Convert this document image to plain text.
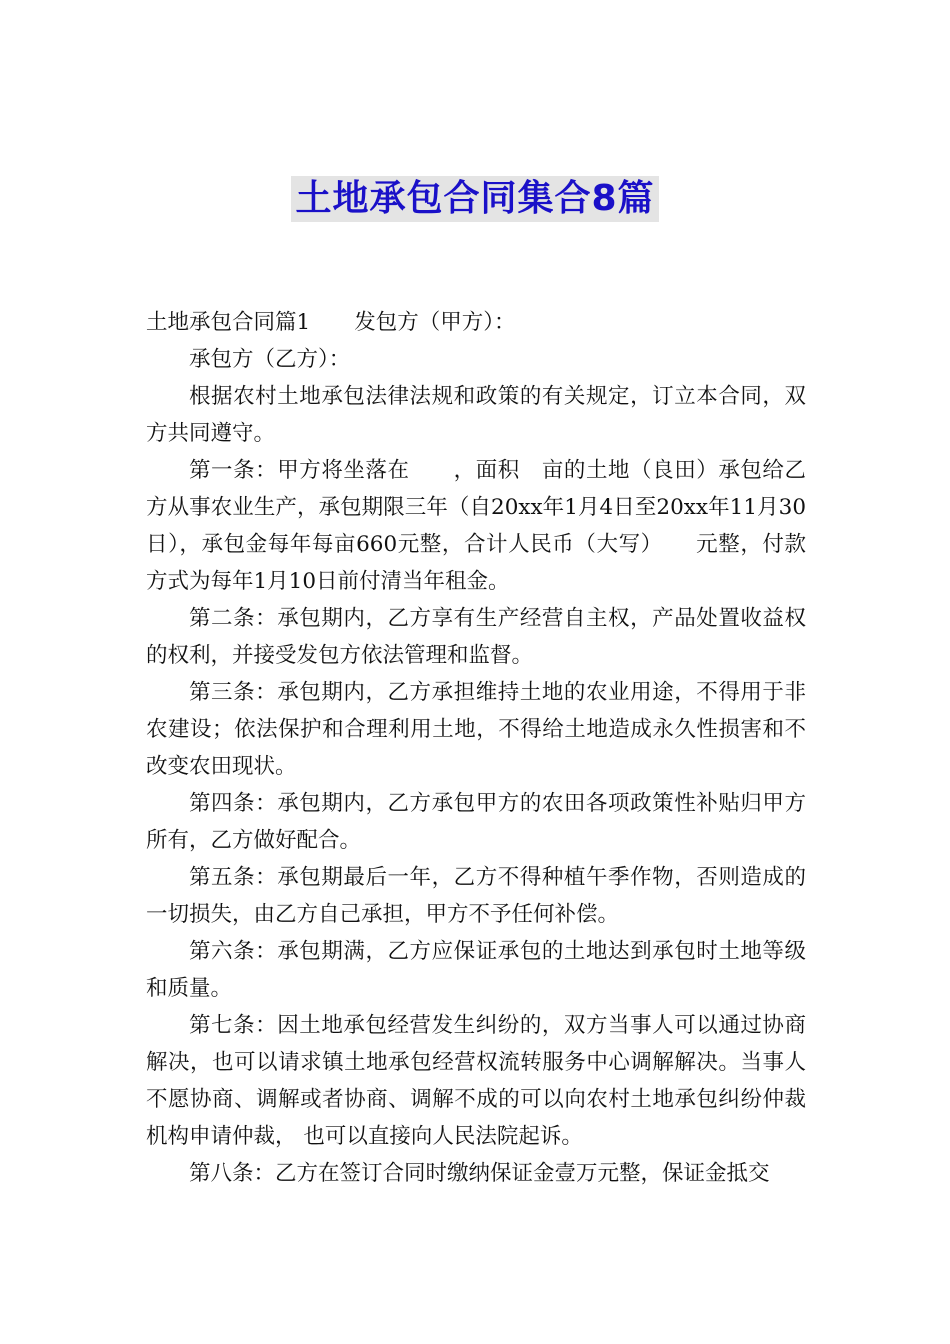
土地承包合同集合8篇

土地承包合同篇1 发包方（甲方）：

承包方（乙方）：

根据农村土地承包法律法规和政策的有关规定，订立本合同，双方共同遵守。

第一条：甲方将坐落在　　，面积　亩的土地（良田）承包给乙方从事农业生产，承包期限三年（自20xx年1月4日至20xx年11月30日），承包金每年每亩660元整，合计人民币（大写）　　元整，付款方式为每年1月10日前付清当年租金。

第二条：承包期内，乙方享有生产经营自主权，产品处置收益权的权利，并接受发包方依法管理和监督。

第三条：承包期内，乙方承担维持土地的农业用途，不得用于非农建设；依法保护和合理利用土地，不得给土地造成永久性损害和不改变农田现状。

第四条：承包期内，乙方承包甲方的农田各项政策性补贴归甲方所有，乙方做好配合。

第五条：承包期最后一年，乙方不得种植午季作物，否则造成的一切损失，由乙方自己承担，甲方不予任何补偿。

第六条：承包期满，乙方应保证承包的土地达到承包时土地等级和质量。

第七条：因土地承包经营发生纠纷的，双方当事人可以通过协商解决，也可以请求镇土地承包经营权流转服务中心调解解决。当事人不愿协商、调解或者协商、调解不成的可以向农村土地承包纠纷仲裁机构申请仲裁， 也可以直接向人民法院起诉。

第八条：乙方在签订合同时缴纳保证金壹万元整，保证金抵交
